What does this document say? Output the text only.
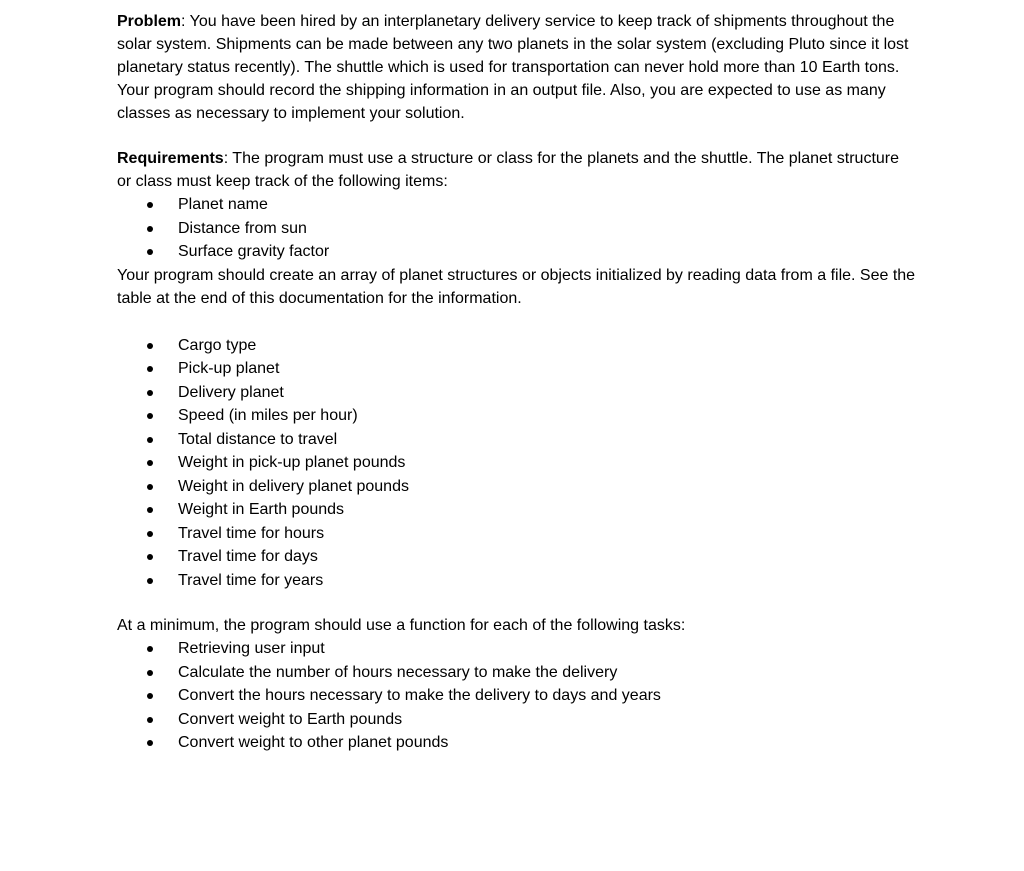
Problem: You have been hired by an interplanetary delivery service to keep track of shipments throughout the solar system. Shipments can be made between any two planets in the solar system (excluding Pluto since it lost planetary status recently). The shuttle which is used for transportation can never hold more than 10 Earth tons. Your program should record the shipping information in an output file. Also, you are expected to use as many classes as necessary to implement your solution.

Requirements: The program must use a structure or class for the planets and the shuttle. The planet structure or class must keep track of the following items:

Planet name
Distance from sun
Surface gravity factor

Your program should create an array of planet structures or objects initialized by reading data from a file. See the table at the end of this documentation for the information.

Cargo type
Pick-up planet
Delivery planet
Speed (in miles per hour)
Total distance to travel
Weight in pick-up planet pounds
Weight in delivery planet pounds
Weight in Earth pounds
Travel time for hours
Travel time for days
Travel time for years

At a minimum, the program should use a function for each of the following tasks:

Retrieving user input
Calculate the number of hours necessary to make the delivery
Convert the hours necessary to make the delivery to days and years
Convert weight to Earth pounds
Convert weight to other planet pounds
